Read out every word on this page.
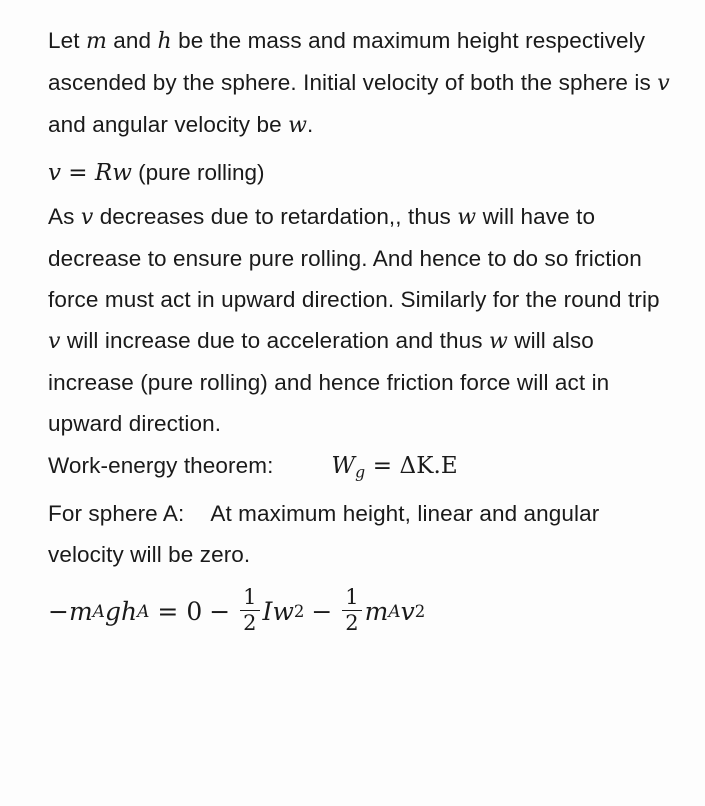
Let m and h be the mass and maximum height respectively ascended by the sphere. Initial velocity of both the sphere is v and angular velocity be w.
v = Rw (pure rolling)
As v decreases due to retardation,, thus w will have to decrease to ensure pure rolling. And hence to do so friction force must act in upward direction. Similarly for the round trip v will increase due to acceleration and thus w will also increase (pure rolling) and hence friction force will act in upward direction.
Work-energy theorem:	$W_g = \Delta K.E$
For sphere A: At maximum height, linear and angular velocity will be zero.
− m A g h $A = 0 - \frac{1}{2}$ I w $2 - \frac{1}{2}$ m A v 2
